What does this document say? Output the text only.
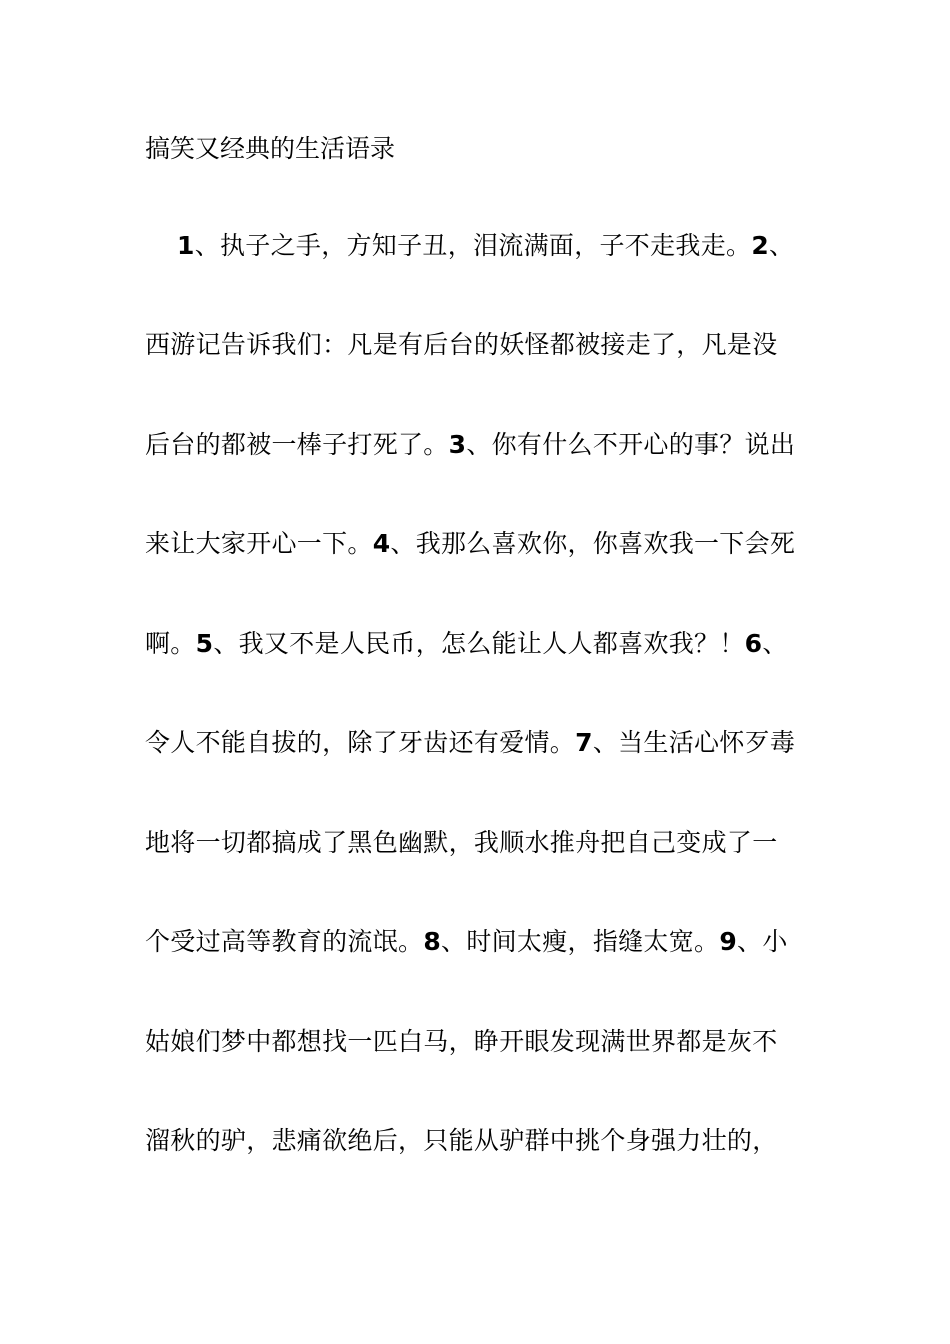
搞笑又经典的生活语录
1、执子之手，方知子丑，泪流满面，子不走我走。2、
西游记告诉我们：凡是有后台的妖怪都被接走了，凡是没
后台的都被一棒子打死了。3、你有什么不开心的事？说出
来让大家开心一下。4、我那么喜欢你，你喜欢我一下会死
啊。5、我又不是人民币，怎么能让人人都喜欢我？！6、
令人不能自拔的，除了牙齿还有爱情。7、当生活心怀歹毒
地将一切都搞成了黑色幽默，我顺水推舟把自己变成了一
个受过高等教育的流氓。8、时间太瘦，指缝太宽。9、小
姑娘们梦中都想找一匹白马，睁开眼发现满世界都是灰不
溜秋的驴，悲痛欲绝后，只能从驴群中挑个身强力壮的，
